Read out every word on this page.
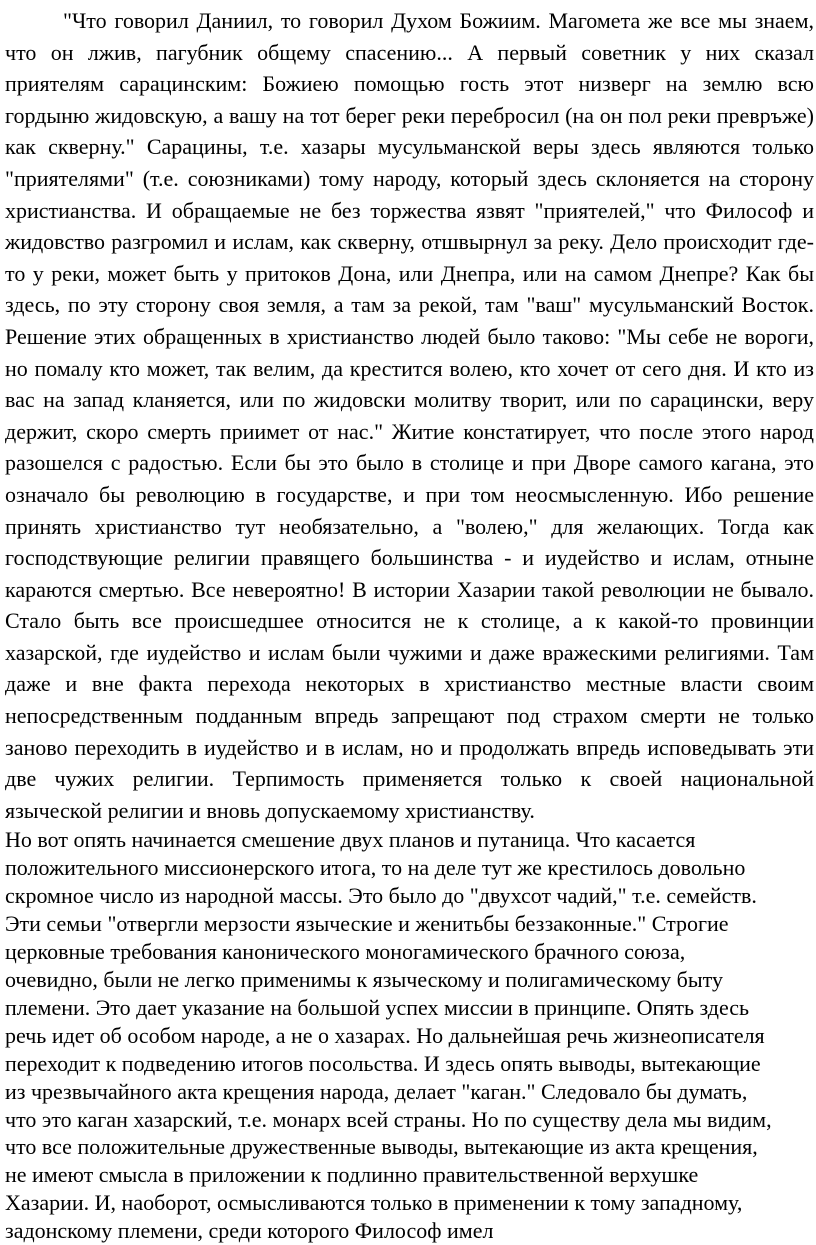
"Что говорил Даниил, то говорил Духом Божиим. Магомета же все мы знаем, что он лжив, пагубник общему спасению... А первый советник у них сказал приятелям сарацинским: Божиею помощью гость этот низверг на землю всю гордыню жидовскую, а вашу на тот берег реки перебросил (на он пол реки превръже) как скверну." Сарацины, т.е. хазары мусульманской веры здесь являются только "приятелями" (т.е. союзниками) тому народу, который здесь склоняется на сторону христианства. И обращаемые не без торжества язвят "приятелей," что Философ и жидовство разгромил и ислам, как скверну, отшвырнул за реку. Дело происходит где-то у реки, может быть у притоков Дона, или Днепра, или на самом Днепре? Как бы здесь, по эту сторону своя земля, а там за рекой, там "ваш" мусульманский Восток. Решение этих обращенных в христианство людей было таково: "Мы себе не вороги, но помалу кто может, так велим, да крестится волею, кто хочет от сего дня. И кто из вас на запад кланяется, или по жидовски молитву творит, или по сарацински, веру держит, скоро смерть приимет от нас." Житие констатирует, что после этого народ разошелся с радостью. Если бы это было в столице и при Дворе самого кагана, это означало бы революцию в государстве, и при том неосмысленную. Ибо решение принять христианство тут необязательно, а "волею," для желающих. Тогда как господствующие религии правящего большинства - и иудейство и ислам, отныне караются смертью. Все невероятно! В истории Хазарии такой революции не бывало. Стало быть все происшедшее относится не к столице, а к какой-то провинции хазарской, где иудейство и ислам были чужими и даже вражескими религиями. Там даже и вне факта перехода некоторых в христианство местные власти своим непосредственным подданным впредь запрещают под страхом смерти не только заново переходить в иудейство и в ислам, но и продолжать впредь исповедывать эти две чужих религии. Терпимость применяется только к своей национальной языческой религии и вновь допускаемому христианству.

Но вот опять начинается смешение двух планов и путаница. Что касается положительного миссионерского итога, то на деле тут же крестилось довольно скромное число из народной массы. Это было до "двухсот чадий," т.е. семейств. Эти семьи "отвергли мерзости языческие и женитьбы беззаконные." Строгие церковные требования канонического моногамического брачного союза, очевидно, были не легко применимы к языческому и полигамическому быту племени. Это дает указание на большой успех миссии в принципе. Опять здесь речь идет об особом народе, а не о хазарах. Но дальнейшая речь жизнеописателя переходит к подведению итогов посольства. И здесь опять выводы, вытекающие из чрезвычайного акта крещения народа, делает "каган." Следовало бы думать, что это каган хазарский, т.е. монарх всей страны. Но по существу дела мы видим, что все положительные дружественные выводы, вытекающие из акта крещения, не имеют смысла в приложении к подлинно правительственной верхушке Хазарии. И, наоборот, осмысливаются только в применении к тому западному, задонскому племени, среди которого Философ имел
